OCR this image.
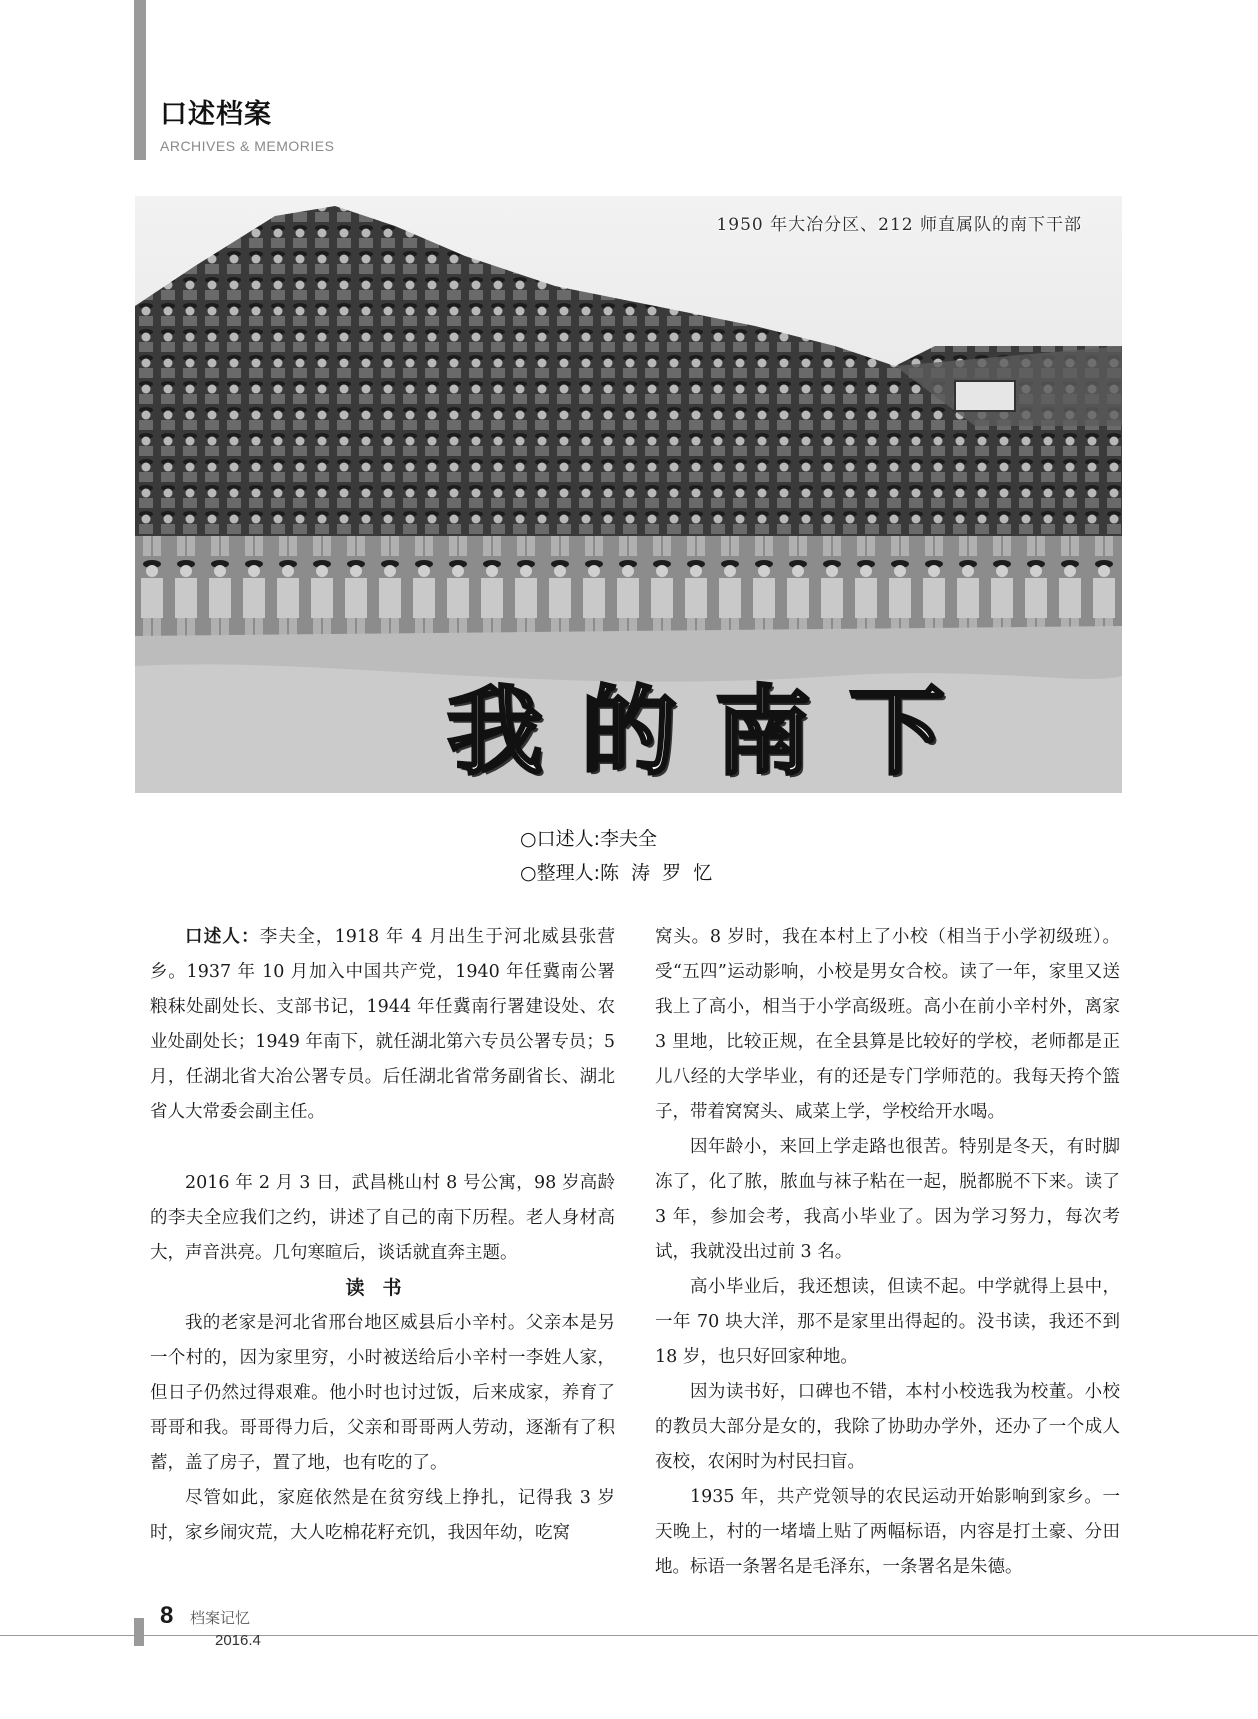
口述档案
ARCHIVES & MEMORIES
1950 年大冶分区、212 师直属队的南下干部
我的南下
○口述人:李夫全
○整理人:陈  涛  罗  忆

口述人：李夫全，1918 年 4 月出生于河北威县张营乡。1937 年 10 月加入中国共产党，1940 年任冀南公署粮秣处副处长、支部书记，1944 年任冀南行署建设处、农业处副处长；1949 年南下，就任湖北第六专员公署专员；5 月，任湖北省大冶公署专员。后任湖北省常务副省长、湖北省人大常委会副主任。

2016 年 2 月 3 日，武昌桃山村 8 号公寓，98 岁高龄的李夫全应我们之约，讲述了自己的南下历程。老人身材高大，声音洪亮。几句寒暄后，谈话就直奔主题。

读书

我的老家是河北省邢台地区威县后小辛村。父亲本是另一个村的，因为家里穷，小时被送给后小辛村一李姓人家，但日子仍然过得艰难。他小时也讨过饭，后来成家，养育了哥哥和我。哥哥得力后，父亲和哥哥两人劳动，逐渐有了积蓄，盖了房子，置了地，也有吃的了。

尽管如此，家庭依然是在贫穷线上挣扎，记得我 3 岁时，家乡闹灾荒，大人吃棉花籽充饥，我因年幼，吃窝

窝头。8 岁时，我在本村上了小校（相当于小学初级班）。受“五四”运动影响，小校是男女合校。读了一年，家里又送我上了高小，相当于小学高级班。高小在前小辛村外，离家 3 里地，比较正规，在全县算是比较好的学校，老师都是正儿八经的大学毕业，有的还是专门学师范的。我每天挎个篮子，带着窝窝头、咸菜上学，学校给开水喝。

因年龄小，来回上学走路也很苦。特别是冬天，有时脚冻了，化了脓，脓血与袜子粘在一起，脱都脱不下来。读了 3 年，参加会考，我高小毕业了。因为学习努力，每次考试，我就没出过前 3 名。

高小毕业后，我还想读，但读不起。中学就得上县中，一年 70 块大洋，那不是家里出得起的。没书读，我还不到 18 岁，也只好回家种地。

因为读书好，口碑也不错，本村小校选我为校董。小校的教员大部分是女的，我除了协助办学外，还办了一个成人夜校，农闲时为村民扫盲。

1935 年，共产党领导的农民运动开始影响到家乡。一天晚上，村的一堵墙上贴了两幅标语，内容是打土豪、分田地。标语一条署名是毛泽东，一条署名是朱德。

8 档案记忆
2016.4
